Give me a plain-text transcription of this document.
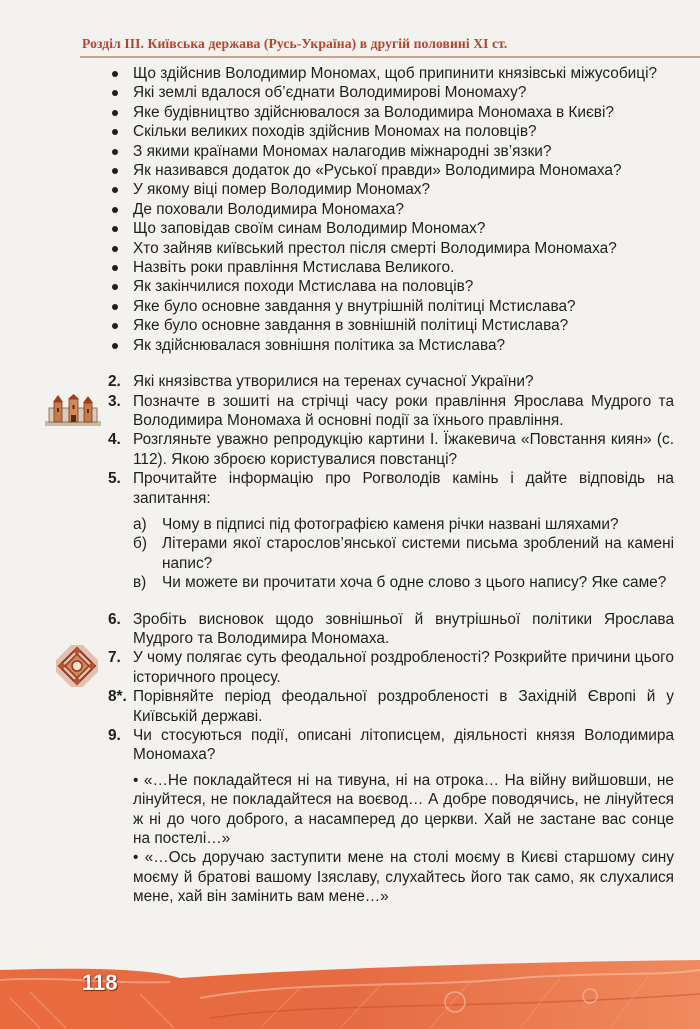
Розділ ІІІ. Київська держава (Русь-Україна) в другій половині XI ст.
Що здійснив Володимир Мономах, щоб припинити князівські міжусобиці?
Які землі вдалося об’єднати Володимирові Мономаху?
Яке будівництво здійснювалося за Володимира Мономаха в Києві?
Скільки великих походів здійснив Мономах на половців?
З якими країнами Мономах налагодив міжнародні зв’язки?
Як називався додаток до «Руської правди» Володимира Мономаха?
У якому віці помер Володимир Мономах?
Де поховали Володимира Мономаха?
Що заповідав своїм синам Володимир Мономах?
Хто зайняв київський престол після смерті Володимира Мономаха?
Назвіть роки правління Мстислава Великого.
Як закінчилися походи Мстислава на половців?
Яке було основне завдання у внутрішній політиці Мстислава?
Яке було основне завдання в зовнішній політиці Мстислава?
Як здійснювалася зовнішня політика за Мстислава?
2. Які князівства утворилися на теренах сучасної України?
3. Позначте в зошиті на стрічці часу роки правління Ярослава Мудрого та Володимира Мономаха й основні події за їхнього правління.
4. Розгляньте уважно репродукцію картини І. Їжакевича «Повстання киян» (с. 112). Якою зброєю користувалися повстанці?
5. Прочитайте інформацію про Рогволодів камінь і дайте відповідь на запитання:
а) Чому в підписі під фотографією каменя річки названі шляхами?
б) Літерами якої старослов’янської системи письма зроблений на камені напис?
в) Чи можете ви прочитати хоча б одне слово з цього напису? Яке саме?
6. Зробіть висновок щодо зовнішньої й внутрішньої політики Ярослава Мудрого та Володимира Мономаха.
7. У чому полягає суть феодальної роздробленості? Розкрийте причини цього історичного процесу.
8*. Порівняйте період феодальної роздробленості в Західній Європі й у Київській державі.
9. Чи стосуються події, описані літописцем, діяльності князя Володимира Мономаха?
• «…Не покладайтеся ні на тивуна, ні на отрока… На війну вийшовши, не лінуйтеся, не покладайтеся на воєвод… А добре поводячись, не лінуйтеся ж ні до чого доброго, а насамперед до церкви. Хай не застане вас сонце на постелі…»
• «…Ось доручаю заступити мене на столі моєму в Києві старшому сину моєму й братові вашому Ізяславу, слухайтесь його так само, як слухалися мене, хай він замінить вам мене…»
118
